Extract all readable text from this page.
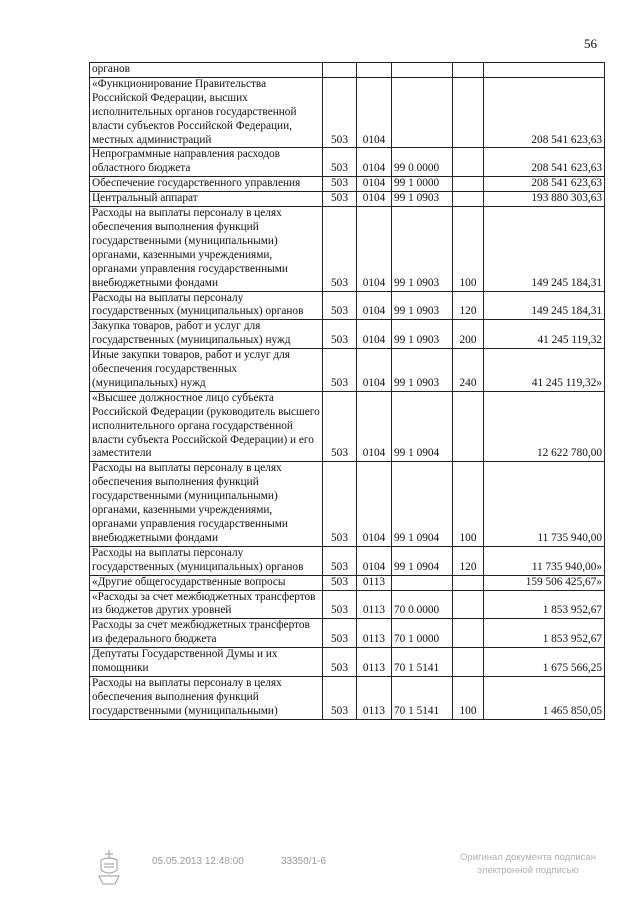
56
органов					
«Функционирование Правительства Российской Федерации, высших исполнительных органов государственной власти субъектов Российской Федерации, местных администраций	503	0104			208 541 623,63
Непрограммные направления расходов областного бюджета	503	0104	99 0 0000		208 541 623,63
Обеспечение государственного управления	503	0104	99 1 0000		208 541 623,63
Центральный аппарат	503	0104	99 1 0903		193 880 303,63
Расходы на выплаты персоналу в целях обеспечения выполнения функций государственными (муниципальными) органами, казенными учреждениями, органами управления государственными внебюджетными фондами	503	0104	99 1 0903	100	149 245 184,31
Расходы на выплаты персоналу государственных (муниципальных) органов	503	0104	99 1 0903	120	149 245 184,31
Закупка товаров, работ и услуг для государственных (муниципальных) нужд	503	0104	99 1 0903	200	41 245 119,32
Иные закупки товаров, работ и услуг для обеспечения государственных (муниципальных) нужд	503	0104	99 1 0903	240	41 245 119,32»
«Высшее должностное лицо субъекта Российской Федерации (руководитель высшего исполнительного органа государственной власти субъекта Российской Федерации) и его заместители	503	0104	99 1 0904		12 622 780,00
Расходы на выплаты персоналу в целях обеспечения выполнения функций государственными (муниципальными) органами, казенными учреждениями, органами управления государственными внебюджетными фондами	503	0104	99 1 0904	100	11 735 940,00
Расходы на выплаты персоналу государственных (муниципальных) органов	503	0104	99 1 0904	120	11 735 940,00»
«Другие общегосударственные вопросы	503	0113			159 506 425,67»
«Расходы за счет межбюджетных трансфертов из бюджетов других уровней	503	0113	70 0 0000		1 853 952,67
Расходы за счет межбюджетных трансфертов из федерального бюджета	503	0113	70 1 0000		1 853 952,67
Депутаты Государственной Думы и их помощники	503	0113	70 1 5141		1 675 566,25
Расходы на выплаты персоналу в целях обеспечения выполнения функций государственными (муниципальными)	503	0113	70 1 5141	100	1 465 850,05
05.05.2013 12:48:00	33350/1-6	Оригинал документа подписан
электронной подписью
